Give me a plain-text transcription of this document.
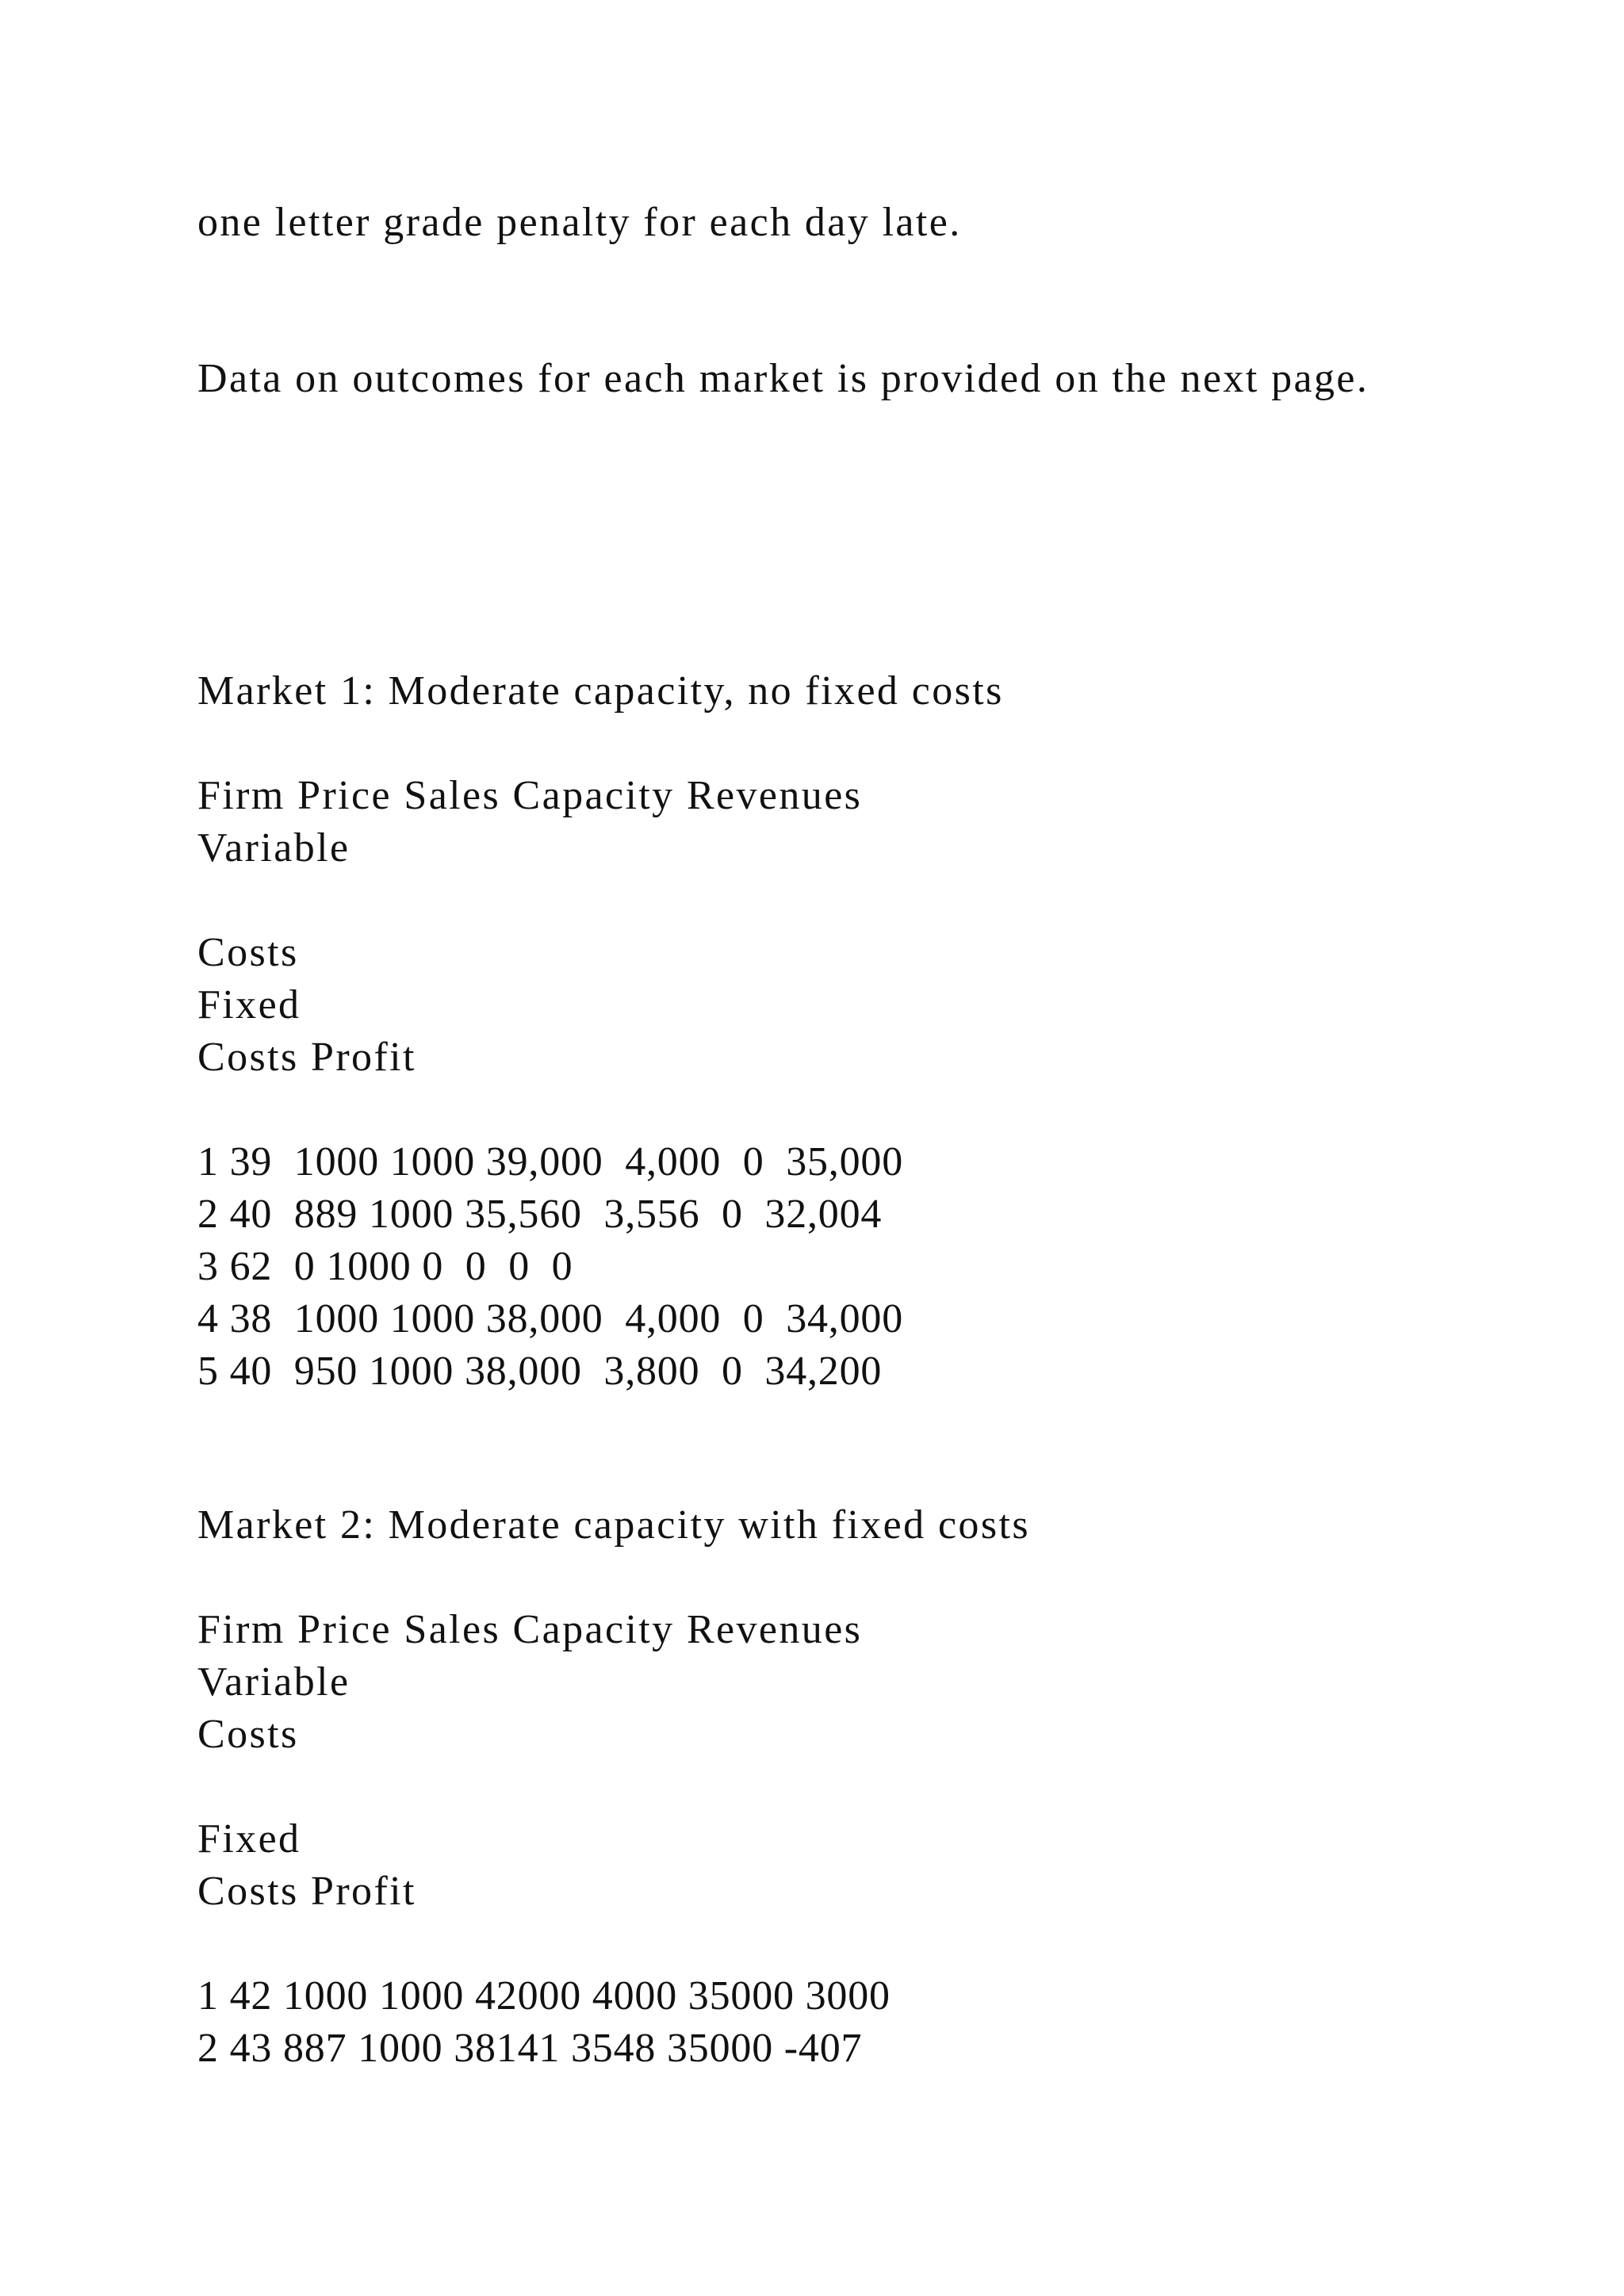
one letter grade penalty for each day late.
Data on outcomes for each market is provided on the next page.
Market 1: Moderate capacity, no fixed costs
Firm Price Sales Capacity Revenues
Variable
Costs
Fixed
Costs Profit
1 39  1000 1000 39,000  4,000  0  35,000
2 40  889 1000 35,560  3,556  0  32,004
3 62  0 1000 0  0  0  0
4 38  1000 1000 38,000  4,000  0  34,000
5 40  950 1000 38,000  3,800  0  34,200
Market 2: Moderate capacity with fixed costs
Firm Price Sales Capacity Revenues
Variable
Costs
Fixed
Costs Profit
1 42 1000 1000 42000 4000 35000 3000
2 43 887 1000 38141 3548 35000 -407
